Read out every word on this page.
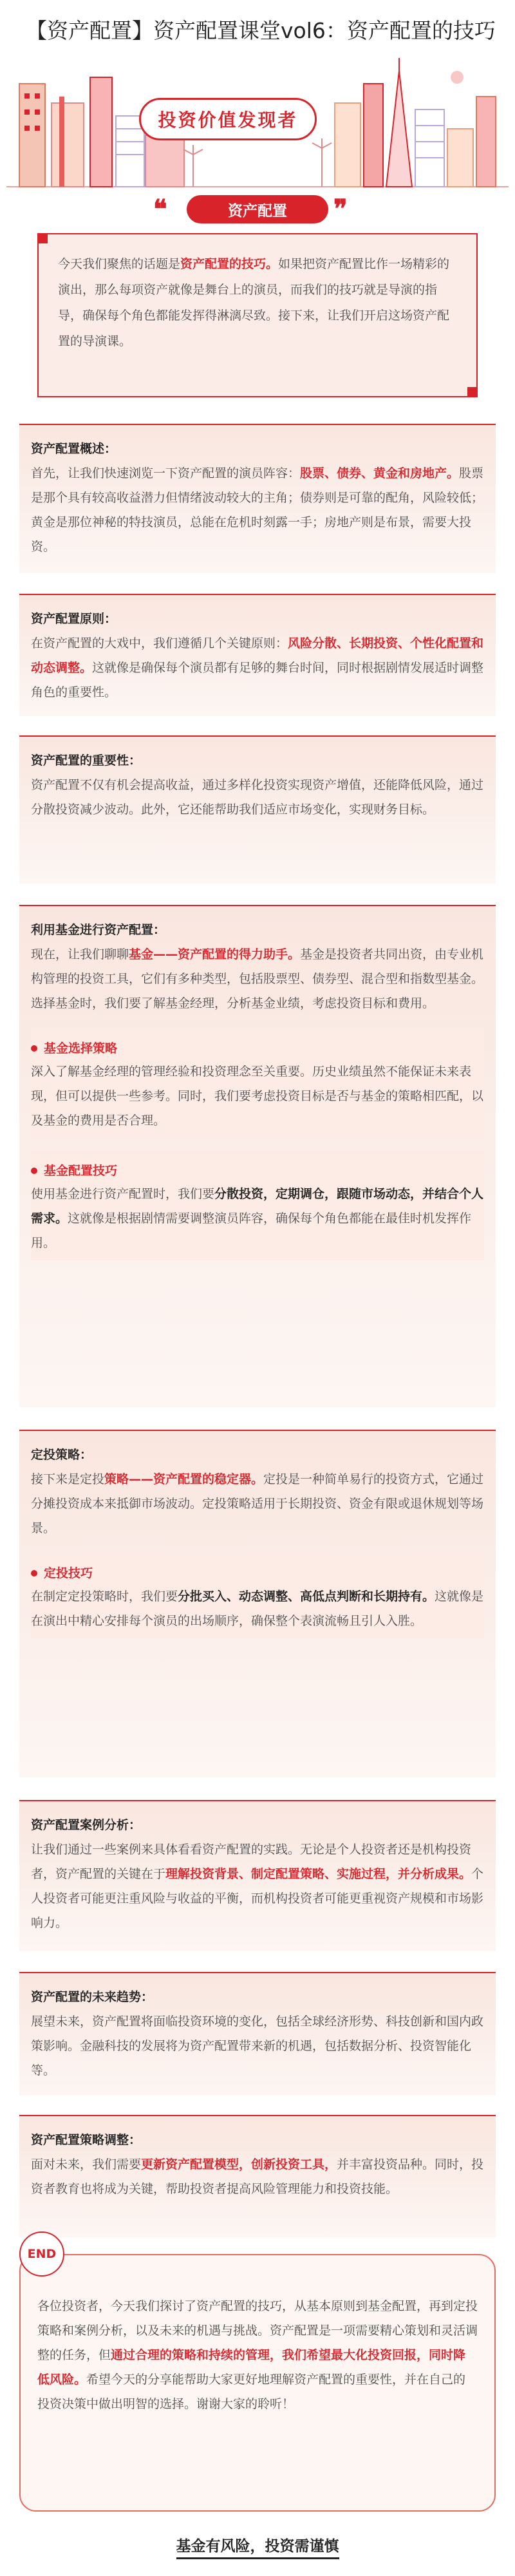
【资产配置】资产配置课堂vol6：资产配置的技巧
投资价值发现者
❝	资产配置 ❞

今天我们聚焦的话题是资产配置的技巧。如果把资产配置比作一场精彩的演出，那么每项资产就像是舞台上的演员，而我们的技巧就是导演的指导，确保每个角色都能发挥得淋漓尽致。接下来，让我们开启这场资产配置的导演课。

资产配置概述：

首先，让我们快速浏览一下资产配置的演员阵容：股票、债券、黄金和房地产。股票是那个具有较高收益潜力但情绪波动较大的主角；债券则是可靠的配角，风险较低；黄金是那位神秘的特技演员，总能在危机时刻露一手；房地产则是布景，需要大投资。

资产配置原则：

在资产配置的大戏中，我们遵循几个关键原则：风险分散、长期投资、个性化配置和动态调整。这就像是确保每个演员都有足够的舞台时间，同时根据剧情发展适时调整角色的重要性。

资产配置的重要性：

资产配置不仅有机会提高收益，通过多样化投资实现资产增值，还能降低风险，通过分散投资减少波动。此外，它还能帮助我们适应市场变化，实现财务目标。

利用基金进行资产配置：

现在，让我们聊聊基金——资产配置的得力助手。基金是投资者共同出资，由专业机构管理的投资工具，它们有多种类型，包括股票型、债券型、混合型和指数型基金。选择基金时，我们要了解基金经理，分析基金业绩，考虑投资目标和费用。

基金选择策略

深入了解基金经理的管理经验和投资理念至关重要。历史业绩虽然不能保证未来表现，但可以提供一些参考。同时，我们要考虑投资目标是否与基金的策略相匹配，以及基金的费用是否合理。

基金配置技巧

使用基金进行资产配置时，我们要分散投资，定期调仓，跟随市场动态，并结合个人需求。这就像是根据剧情需要调整演员阵容，确保每个角色都能在最佳时机发挥作用。

定投策略：

接下来是定投策略——资产配置的稳定器。定投是一种简单易行的投资方式，它通过分摊投资成本来抵御市场波动。定投策略适用于长期投资、资金有限或退休规划等场景。

定投技巧

在制定定投策略时，我们要分批买入、动态调整、高低点判断和长期持有。这就像是在演出中精心安排每个演员的出场顺序，确保整个表演流畅且引人入胜。

资产配置案例分析：

让我们通过一些案例来具体看看资产配置的实践。无论是个人投资者还是机构投资者，资产配置的关键在于理解投资背景、制定配置策略、实施过程，并分析成果。个人投资者可能更注重风险与收益的平衡，而机构投资者可能更重视资产规模和市场影响力。

资产配置的未来趋势：

展望未来，资产配置将面临投资环境的变化，包括全球经济形势、科技创新和国内政策影响。金融科技的发展将为资产配置带来新的机遇，包括数据分析、投资智能化等。

资产配置策略调整：

面对未来，我们需要更新资产配置模型，创新投资工具，并丰富投资品种。同时，投资者教育也将成为关键，帮助投资者提高风险管理能力和投资技能。

各位投资者，今天我们探讨了资产配置的技巧，从基本原则到基金配置，再到定投策略和案例分析，以及未来的机遇与挑战。资产配置是一项需要精心策划和灵活调整的任务，但通过合理的策略和持续的管理，我们希望最大化投资回报，同时降低风险。希望今天的分享能帮助大家更好地理解资产配置的重要性，并在自己的投资决策中做出明智的选择。谢谢大家的聆听！

END
基金有风险，投资需谨慎
